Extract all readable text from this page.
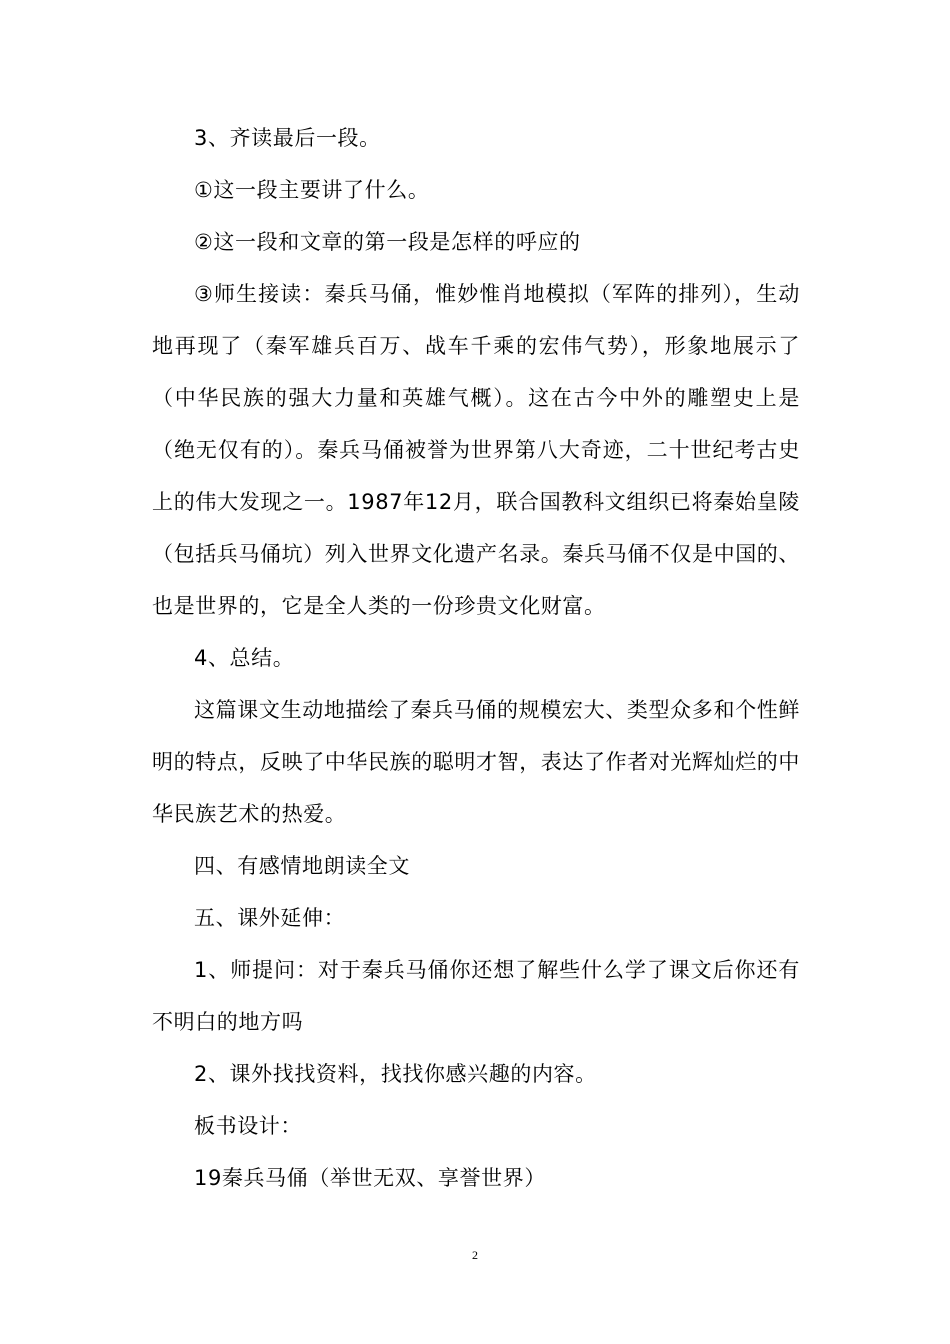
3、齐读最后一段。

①这一段主要讲了什么。

②这一段和文章的第一段是怎样的呼应的

③师生接读：秦兵马俑，惟妙惟肖地模拟（军阵的排列），生动地再现了（秦军雄兵百万、战车千乘的宏伟气势），形象地展示了（中华民族的强大力量和英雄气概）。这在古今中外的雕塑史上是（绝无仅有的）。秦兵马俑被誉为世界第八大奇迹，二十世纪考古史上的伟大发现之一。1987年12月，联合国教科文组织已将秦始皇陵（包括兵马俑坑）列入世界文化遗产名录。秦兵马俑不仅是中国的、也是世界的，它是全人类的一份珍贵文化财富。

4、总结。

这篇课文生动地描绘了秦兵马俑的规模宏大、类型众多和个性鲜明的特点，反映了中华民族的聪明才智，表达了作者对光辉灿烂的中华民族艺术的热爱。

四、有感情地朗读全文

五、课外延伸：

1、师提问：对于秦兵马俑你还想了解些什么学了课文后你还有不明白的地方吗

2、课外找找资料，找找你感兴趣的内容。

板书设计：

19秦兵马俑（举世无双、享誉世界）

2
